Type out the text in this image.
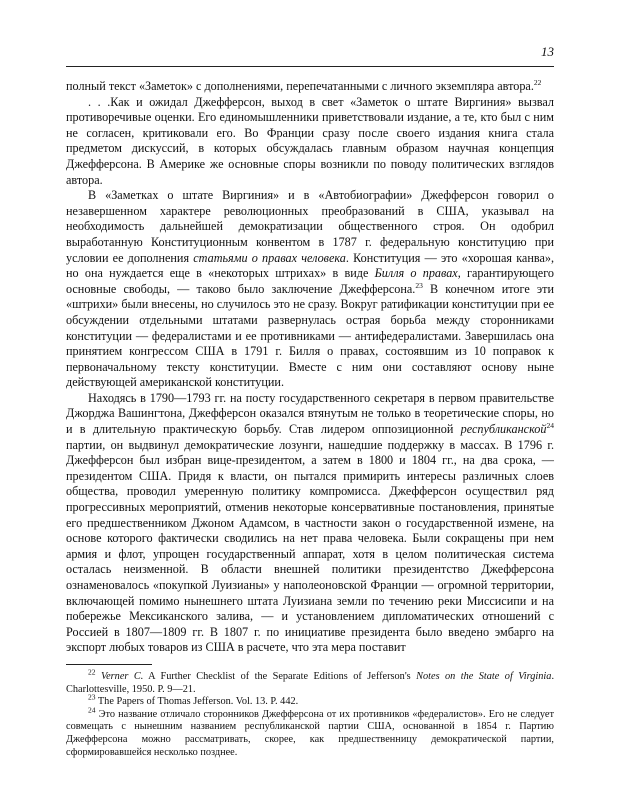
13

полный текст «Заметок» с дополнениями, перепечатанными с личного экземпляра автора.$^{22}$

. . .Как и ожидал Джефферсон, выход в свет «Заметок о штате Виргиния» вызвал противоречивые оценки. Его единомышленники приветствовали издание, а те, кто был с ним не согласен, критиковали его. Во Франции сразу после своего издания книга стала предметом дискуссий, в которых обсуждалась главным образом научная концепция Джефферсона. В Америке же основные споры возникли по поводу политических взглядов автора.

В «Заметках о штате Виргиния» и в «Автобиографии» Джефферсон говорил о незавершенном характере революционных преобразований в США, указывал на необходимость дальнейшей демократизации общественного строя. Он одобрил выработанную Конституционным конвентом в 1787 г. федеральную конституцию при условии ее дополнения статьями о правах человека. Конституция — это «хорошая канва», но она нуждается еще в «некоторых штрихах» в виде Билля о правах, гарантирующего основные свободы, — таково было заключение Джефферсона.$^{23}$ В конечном итоге эти «штрихи» были внесены, но случилось это не сразу. Вокруг ратификации конституции при ее обсуждении отдельными штатами развернулась острая борьба между сторонниками конституции — федералистами и ее противниками — антифедералистами. Завершилась она принятием конгрессом США в 1791 г. Билля о правах, состоявшим из 10 поправок к первоначальному тексту конституции. Вместе с ним они составляют основу ныне действующей американской конституции.

Находясь в 1790—1793 гг. на посту государственного секретаря в первом правительстве Джорджа Вашингтона, Джефферсон оказался втянутым не только в теоретические споры, но и в длительную практическую борьбу. Став лидером оппозиционной республиканской$^{24}$ партии, он выдвинул демократические лозунги, нашедшие поддержку в массах. В 1796 г. Джефферсон был избран вице-президентом, а затем в 1800 и 1804 гг., на два срока, — президентом США. Придя к власти, он пытался примирить интересы различных слоев общества, проводил умеренную политику компромисса. Джефферсон осуществил ряд прогрессивных мероприятий, отменив некоторые консервативные постановления, принятые его предшественником Джоном Адамсом, в частности закон о государственной измене, на основе которого фактически сводились на нет права человека. Были сокращены при нем армия и флот, упрощен государственный аппарат, хотя в целом политическая система осталась неизменной. В области внешней политики президентство Джефферсона ознаменовалось «покупкой Луизианы» у наполеоновской Франции — огромной территории, включающей помимо нынешнего штата Луизиана земли по течению реки Миссисипи и на побережье Мексиканского залива, — и установлением дипломатических отношений с Россией в 1807—1809 гг. В 1807 г. по инициативе президента было введено эмбарго на экспорт любых товаров из США в расчете, что эта мера поставит

$^{22}$ Verner C. A Further Checklist of the Separate Editions of Jefferson's Notes on the State of Virginia. Charlottesville, 1950. P. 9—21.

$^{23}$ The Papers of Thomas Jefferson. Vol. 13. P. 442.

$^{24}$ Это название отличало сторонников Джефферсона от их противников «федералистов». Его не следует совмещать с нынешним названием республиканской партии США, основанной в 1854 г. Партию Джефферсона можно рассматривать, скорее, как предшественницу демократической партии, сформировавшейся несколько позднее.
